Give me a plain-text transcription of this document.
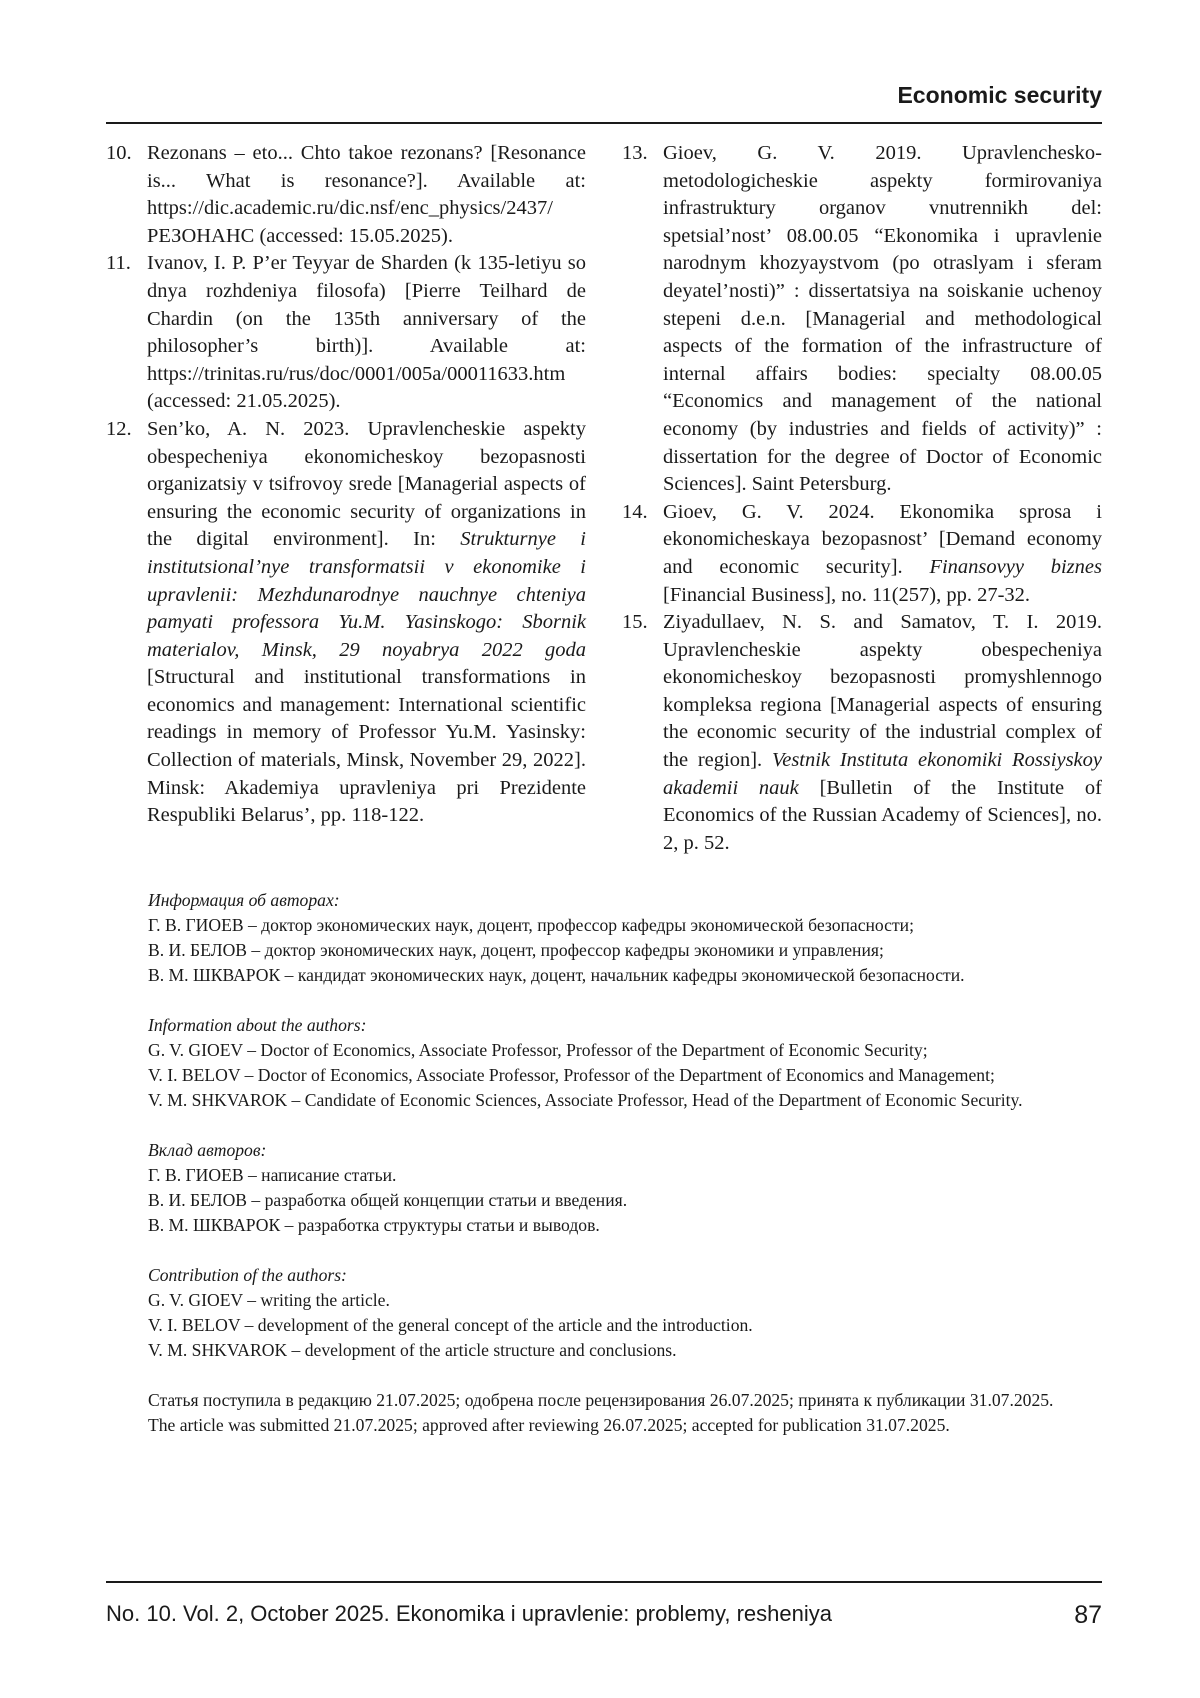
Economic security

10. Rezonans – eto... Chto takoe rezonans? [Resonance is... What is resonance?]. Available at: https://dic.academic.ru/dic.nsf/enc_physics/2437/РЕЗОНАНС (accessed: 15.05.2025).

11. Ivanov, I. P. P’er Teyyar de Sharden (k 135-letiyu so dnya rozhdeniya filosofa) [Pierre Teilhard de Chardin (on the 135th anniversary of the philosopher’s birth)]. Available at: https://trinitas.ru/rus/doc/0001/005a/00011633.htm (accessed: 21.05.2025).

12. Sen’ko, A. N. 2023. Upravlencheskie aspekty obespecheniya ekonomicheskoy bezopasnosti organizatsiy v tsifrovoy srede [Managerial aspects of ensuring the economic security of organizations in the digital environment]. In: Strukturnye i institutsional’nye transformatsii v ekonomike i upravlenii: Mezhdunarodnye nauchnye chteniya pamyati professora Yu.M. Yasinskogo: Sbornik materialov, Minsk, 29 noyabrya 2022 goda [Structural and institutional transformations in economics and management: International scientific readings in memory of Professor Yu.M. Yasinsky: Collection of materials, Minsk, November 29, 2022]. Minsk: Akademiya upravleniya pri Prezidente Respubliki Belarus’, pp. 118-122.

13. Gioev, G. V. 2019. Upravlenchesko-metodologicheskie aspekty formirovaniya infrastruktury organov vnutrennikh del: spetsial’nost’ 08.00.05 “Ekonomika i upravlenie narodnym khozyaystvom (po otraslyam i sferam deyatel’nosti)” : dissertatsiya na soiskanie uchenoy stepeni d.e.n. [Managerial and methodological aspects of the formation of the infrastructure of internal affairs bodies: specialty 08.00.05 “Economics and management of the national economy (by industries and fields of activity)” : dissertation for the degree of Doctor of Economic Sciences]. Saint Petersburg.

14. Gioev, G. V. 2024. Ekonomika sprosa i ekonomicheskaya bezopasnost’ [Demand economy and economic security]. Finansovyy biznes [Financial Business], no. 11(257), pp. 27-32.

15. Ziyadullaev, N. S. and Samatov, T. I. 2019. Upravlencheskie aspekty obespecheniya ekonomicheskoy bezopasnosti promyshlennogo kompleksa regiona [Managerial aspects of ensuring the economic security of the industrial complex of the region]. Vestnik Instituta ekonomiki Rossiyskoy akademii nauk [Bulletin of the Institute of Economics of the Russian Academy of Sciences], no. 2, p. 52.

Информация об авторах:
Г. В. ГИОЕВ – доктор экономических наук, доцент, профессор кафедры экономической безопасности;
В. И. БЕЛОВ – доктор экономических наук, доцент, профессор кафедры экономики и управления;
В. М. ШКВАРОК – кандидат экономических наук, доцент, начальник кафедры экономической безопасности.
Information about the authors:
G. V. GIOEV – Doctor of Economics, Associate Professor, Professor of the Department of Economic Security;
V. I. BELOV – Doctor of Economics, Associate Professor, Professor of the Department of Economics and Management;
V. M. SHKVAROK – Candidate of Economic Sciences, Associate Professor, Head of the Department of Economic Security.
Вклад авторов:
Г. В. ГИОЕВ – написание статьи.
В. И. БЕЛОВ – разработка общей концепции статьи и введения.
В. М. ШКВАРОК – разработка структуры статьи и выводов.
Contribution of the authors:
G. V. GIOEV – writing the article.
V. I. BELOV – development of the general concept of the article and the introduction.
V. M. SHKVAROK – development of the article structure and conclusions.
Статья поступила в редакцию 21.07.2025; одобрена после рецензирования 26.07.2025; принята к публикации 31.07.2025.
The article was submitted 21.07.2025; approved after reviewing 26.07.2025; accepted for publication 31.07.2025.
No. 10. Vol. 2, October 2025. Ekonomika i upravlenie: problemy, resheniya	87
